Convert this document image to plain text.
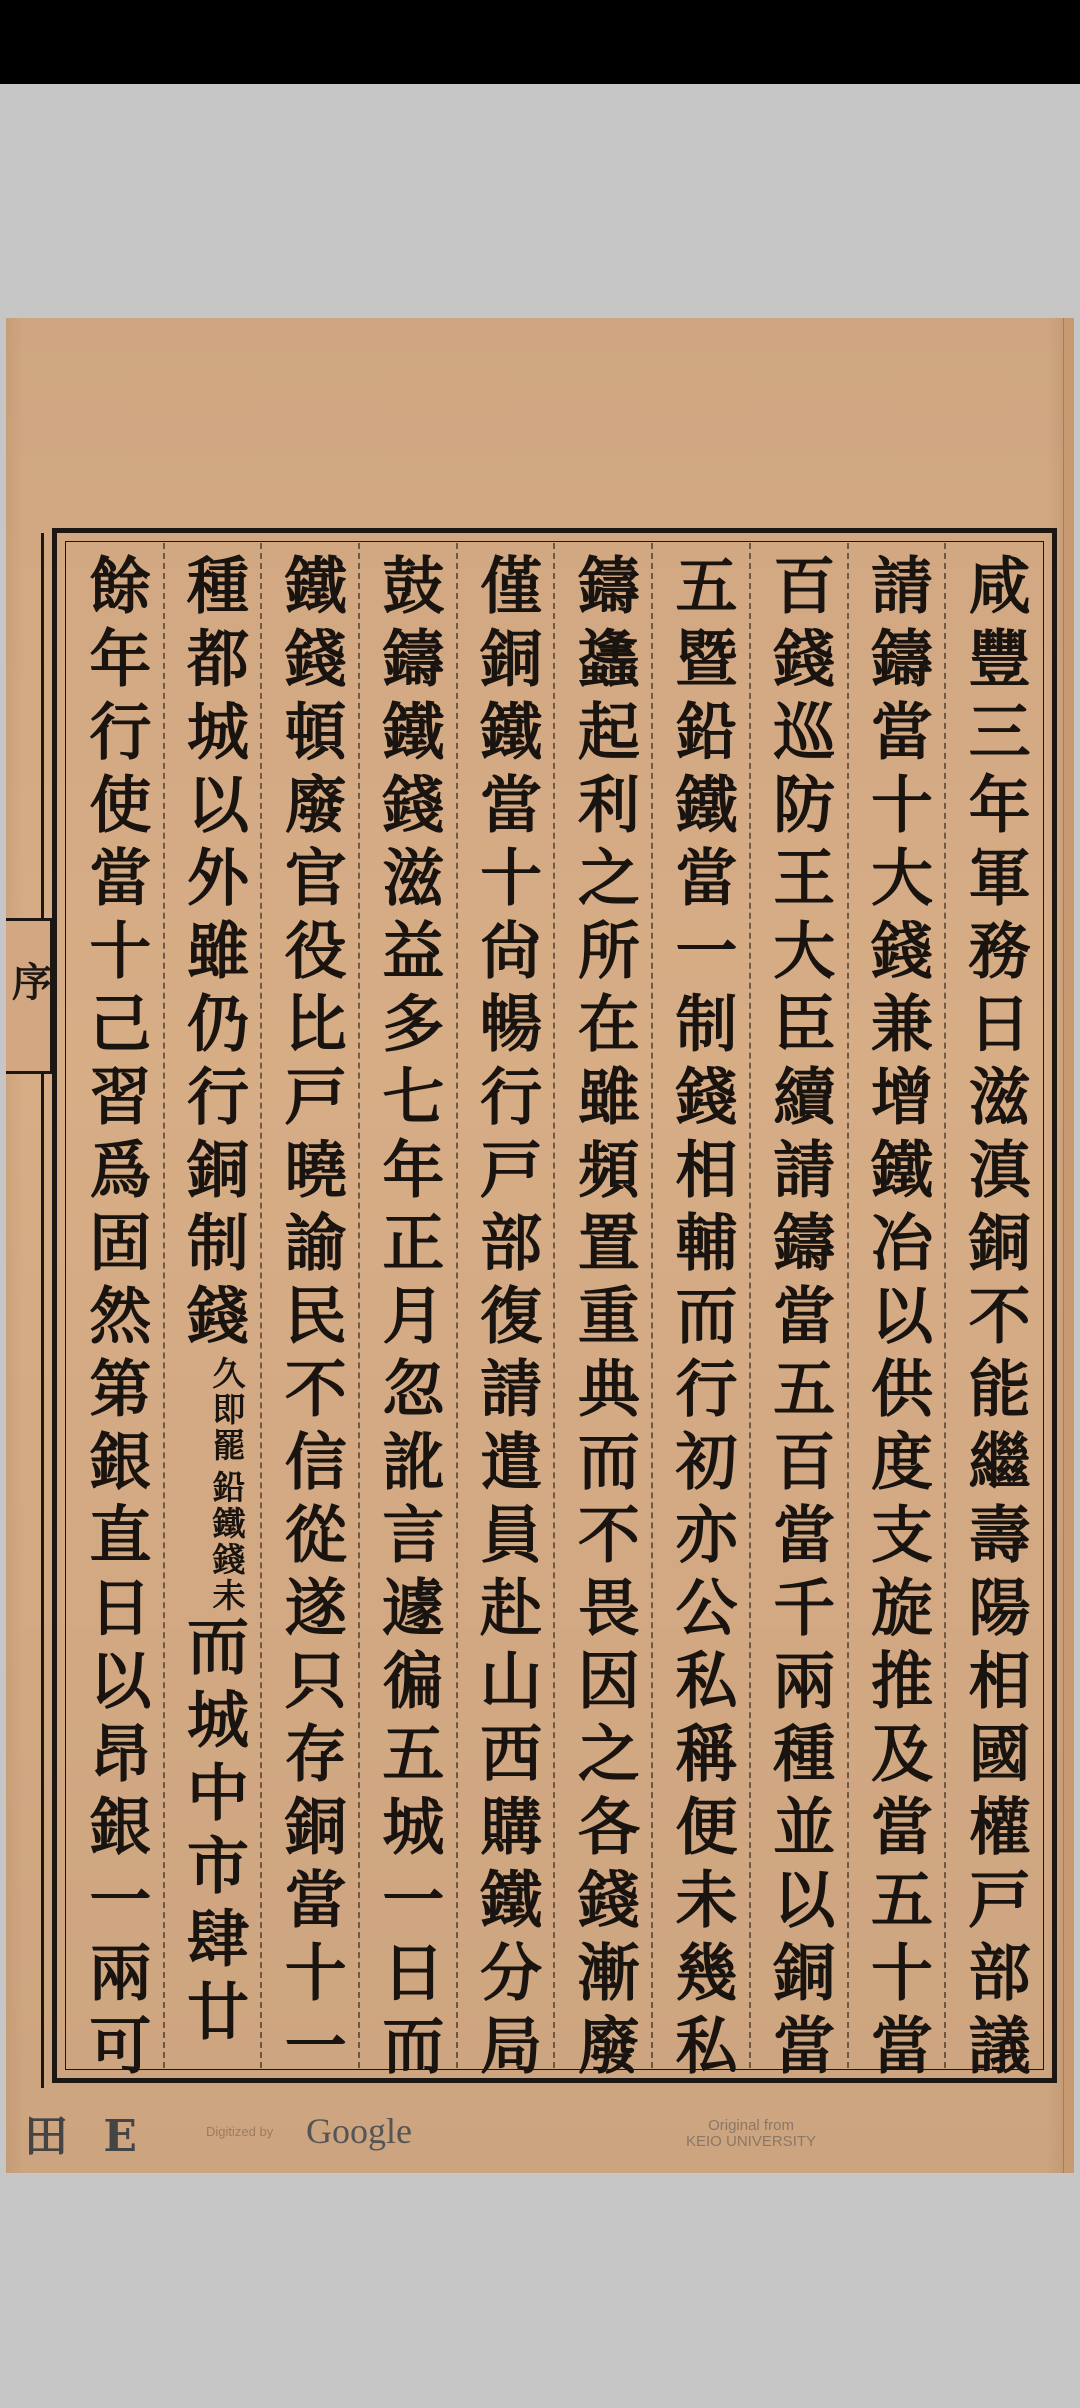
咸豐三年軍務日滋滇銅不能繼壽陽相國權戸部議
請鑄當十大錢兼增鐵冶以供度支旋推及當五十當
百錢巡防王大臣續請鑄當五百當千兩種並以銅當
五暨鉛鐵當一制錢相輔而行初亦公私稱便未幾私
鑄蠭起利之所在雖頻置重典而不畏因之各錢漸廢
僅銅鐵當十尙暢行戸部復請遣員赴山西購鐵分局
鼓鑄鐵錢滋益多七年正月忽訛言遽徧五城一日而
鐵錢頓廢官役比戸曉諭民不信從遂只存銅當十一
種都城以外雖仍行銅制錢
鉛鐵錢未
久即罷
而城中市肆廿
餘年行使當十己習爲固然第銀直日以昂銀一兩可
序
田 E	Digitized by Google	Original from
KEIO UNIVERSITY
